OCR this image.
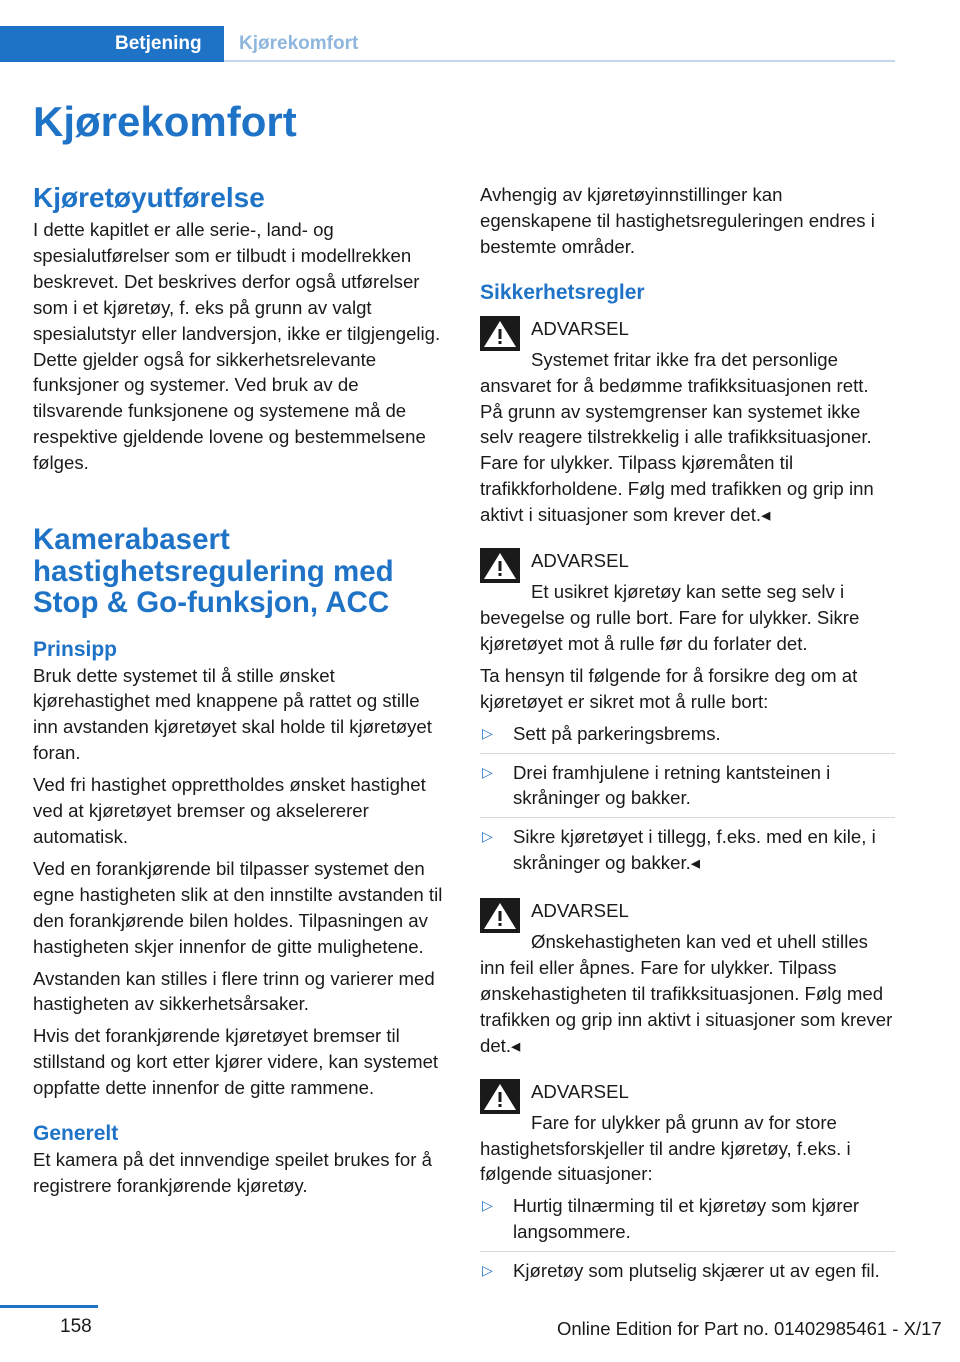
Betjening	Kjørekomfort
Kjørekomfort
Kjøretøyutførelse

I dette kapitlet er alle serie-, land- og spesialutførelser som er tilbudt i modellrekken beskrevet. Det beskrives derfor også utførelser som i et kjøretøy, f. eks på grunn av valgt spesialutstyr eller landversjon, ikke er tilgjengelig. Dette gjelder også for sikkerhetsrelevante funksjoner og systemer. Ved bruk av de tilsvarende funksjonene og systemene må de respektive gjeldende lovene og bestemmelsene følges.

Kamerabasert hastighetsregulering med Stop & Go-funksjon, ACC
Prinsipp

Bruk dette systemet til å stille ønsket kjørehastighet med knappene på rattet og stille inn avstanden kjøretøyet skal holde til kjøretøyet foran.

Ved fri hastighet opprettholdes ønsket hastighet ved at kjøretøyet bremser og akselererer automatisk.

Ved en forankjørende bil tilpasser systemet den egne hastigheten slik at den innstilte avstanden til den forankjørende bilen holdes. Tilpasningen av hastigheten skjer innenfor de gitte mulighetene.

Avstanden kan stilles i flere trinn og varierer med hastigheten av sikkerhetsårsaker.

Hvis det forankjørende kjøretøyet bremser til stillstand og kort etter kjører videre, kan systemet oppfatte dette innenfor de gitte rammene.

Generelt

Et kamera på det innvendige speilet brukes for å registrere forankjørende kjøretøy.

Avhengig av kjøretøyinnstillinger kan egenskapene til hastighetsreguleringen endres i bestemte områder.

Sikkerhetsregler
ADVARSEL

Systemet fritar ikke fra det personlige ansvaret for å bedømme trafikksituasjonen rett. På grunn av systemgrenser kan systemet ikke selv reagere tilstrekkelig i alle trafikksituasjoner. Fare for ulykker. Tilpass kjøremåten til trafikkforholdene. Følg med trafikken og grip inn aktivt i situasjoner som krever det.◂

ADVARSEL

Et usikret kjøretøy kan sette seg selv i bevegelse og rulle bort. Fare for ulykker. Sikre kjøretøyet mot å rulle før du forlater det.

Ta hensyn til følgende for å forsikre deg om at kjøretøyet er sikret mot å rulle bort:

▷ Sett på parkeringsbrems.
▷ Drei framhjulene i retning kantsteinen i skråninger og bakker.
▷ Sikre kjøretøyet i tillegg, f.eks. med en kile, i skråninger og bakker.◂
ADVARSEL

Ønskehastigheten kan ved et uhell stilles inn feil eller åpnes. Fare for ulykker. Tilpass ønskehastigheten til trafikksituasjonen. Følg med trafikken og grip inn aktivt i situasjoner som krever det.◂

ADVARSEL

Fare for ulykker på grunn av for store hastighetsforskjeller til andre kjøretøy, f.eks. i følgende situasjoner:

▷ Hurtig tilnærming til et kjøretøy som kjører langsommere.
▷ Kjøretøy som plutselig skjærer ut av egen fil.
158	Online Edition for Part no. 01402985461 - X/17
